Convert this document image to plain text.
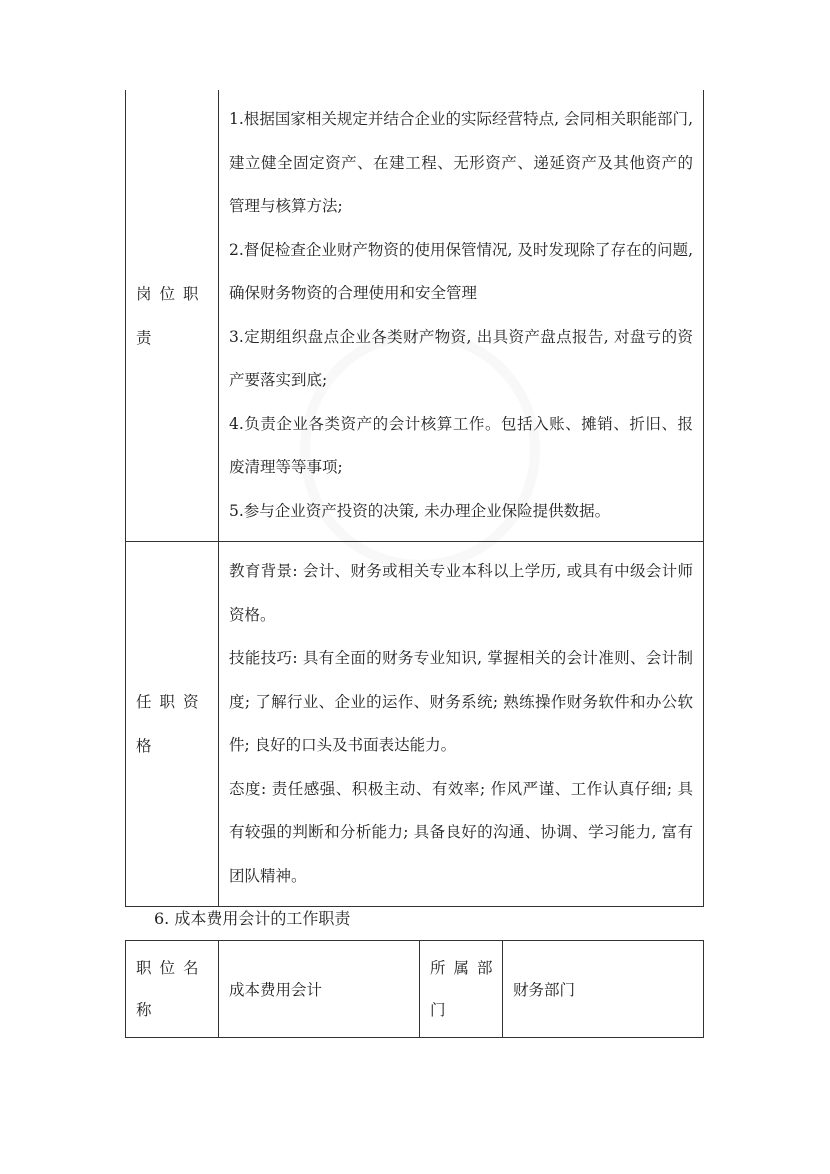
岗位职责	1.根据国家相关规定并结合企业的实际经营特点, 会同相关职能部门, 建立健全固定资产、在建工程、无形资产、递延资产及其他资产的管理与核算方法;
2.督促检查企业财产物资的使用保管情况, 及时发现除了存在的问题, 确保财务物资的合理使用和安全管理
3.定期组织盘点企业各类财产物资, 出具资产盘点报告, 对盘亏的资产要落实到底;
4.负责企业各类资产的会计核算工作。包括入账、摊销、折旧、报废清理等等事项;
5.参与企业资产投资的决策, 未办理企业保险提供数据。

任职资格	教育背景: 会计、财务或相关专业本科以上学历, 或具有中级会计师资格。
技能技巧: 具有全面的财务专业知识, 掌握相关的会计准则、会计制度; 了解行业、企业的运作、财务系统; 熟练操作财务软件和办公软件; 良好的口头及书面表达能力。
态度: 责任感强、积极主动、有效率; 作风严谨、工作认真仔细; 具有较强的判断和分析能力; 具备良好的沟通、协调、学习能力, 富有团队精神。
6. 成本费用会计的工作职责
职位名称	成本费用会计	所属部门	财务部门
